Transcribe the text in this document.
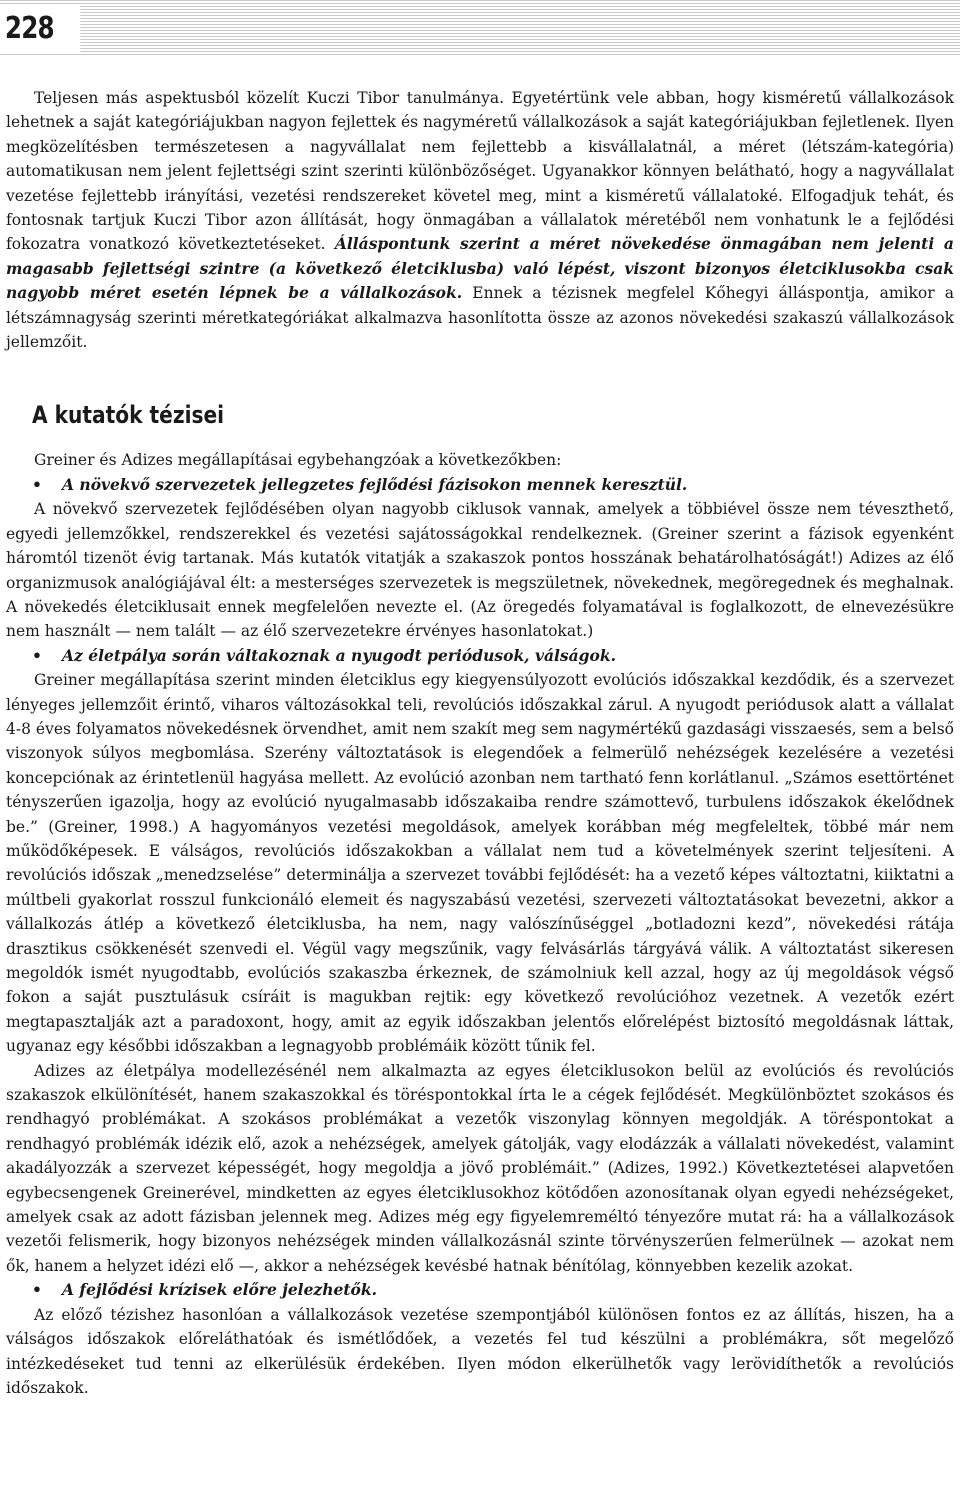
228

Teljesen más aspektusból közelít Kuczi Tibor tanulmánya. Egyetértünk vele abban, hogy kisméretű vállalkozások lehetnek a saját kategóriájukban nagyon fejlettek és nagyméretű vállalkozások a saját kategóriájukban fejletlenek. Ilyen megközelítésben természetesen a nagyvállalat nem fejlettebb a kisvállalatnál, a méret (létszám-kategória) automatikusan nem jelent fejlettségi szint szerinti különbözőséget. Ugyanakkor könnyen belátható, hogy a nagyvállalat vezetése fejlettebb irányítási, vezetési rendszereket követel meg, mint a kisméretű vállalatoké. Elfogadjuk tehát, és fontosnak tartjuk Kuczi Tibor azon állítását, hogy önmagában a vállalatok méretéből nem vonhatunk le a fejlődési fokozatra vonatkozó következtetéseket. Álláspontunk szerint a méret növekedése önmagában nem jelenti a magasabb fejlettségi szintre (a következő életciklusba) való lépést, viszont bizonyos életciklusokba csak nagyobb méret esetén lépnek be a vállalkozások. Ennek a tézisnek megfelel Kőhegyi álláspontja, amikor a létszámnagyság szerinti méretkategóriákat alkalmazva hasonlította össze az azonos növekedési szakaszú vállalkozások jellemzőit.

A kutatók tézisei

Greiner és Adizes megállapításai egybehangzóak a következőkben:

•	A növekvő szervezetek jellegzetes fejlődési fázisokon mennek keresztül.

A növekvő szervezetek fejlődésében olyan nagyobb ciklusok vannak, amelyek a többiével össze nem téveszthető, egyedi jellemzőkkel, rendszerekkel és vezetési sajátosságokkal rendelkeznek. (Greiner szerint a fázisok egyenként háromtól tizenöt évig tartanak. Más kutatók vitatják a szakaszok pontos hosszának behatárolhatóságát!) Adizes az élő organizmusok analógiájával élt: a mesterséges szervezetek is megszületnek, növekednek, megöregednek és meghalnak. A növekedés életciklusait ennek megfelelően nevezte el. (Az öregedés folyamatával is foglalkozott, de elnevezésükre nem használt — nem talált — az élő szervezetekre érvényes hasonlatokat.)

•	Az életpálya során váltakoznak a nyugodt periódusok, válságok.

Greiner megállapítása szerint minden életciklus egy kiegyensúlyozott evolúciós időszakkal kezdődik, és a szervezet lényeges jellemzőit érintő, viharos változásokkal teli, revolúciós időszakkal zárul. A nyugodt periódusok alatt a vállalat 4-8 éves folyamatos növekedésnek örvendhet, amit nem szakít meg sem nagymértékű gazdasági visszaesés, sem a belső viszonyok súlyos megbomlása. Szerény változtatások is elegendőek a felmerülő nehézségek kezelésére a vezetési koncepciónak az érintetlenül hagyása mellett. Az evolúció azonban nem tartható fenn korlátlanul. „Számos esettörténet tényszerűen igazolja, hogy az evolúció nyugalmasabb időszakaiba rendre számottevő, turbulens időszakok ékelődnek be.” (Greiner, 1998.) A hagyományos vezetési megoldások, amelyek korábban még megfeleltek, többé már nem működőképesek. E válságos, revolúciós időszakokban a vállalat nem tud a követelmények szerint teljesíteni. A revolúciós időszak „menedzselése” determinálja a szervezet további fejlődését: ha a vezető képes változtatni, kiiktatni a múltbeli gyakorlat rosszul funkcionáló elemeit és nagyszabású vezetési, szervezeti változtatásokat bevezetni, akkor a vállalkozás átlép a következő életciklusba, ha nem, nagy valószínűséggel „botladozni kezd”, növekedési rátája drasztikus csökkenését szenvedi el. Végül vagy megszűnik, vagy felvásárlás tárgyává válik. A változtatást sikeresen megoldók ismét nyugodtabb, evolúciós szakaszba érkeznek, de számolniuk kell azzal, hogy az új megoldások végső fokon a saját pusztulásuk csíráit is magukban rejtik: egy következő revolúcióhoz vezetnek. A vezetők ezért megtapasztalják azt a paradoxont, hogy, amit az egyik időszakban jelentős előrelépést biztosító megoldásnak láttak, ugyanaz egy későbbi időszakban a legnagyobb problémáik között tűnik fel.

Adizes az életpálya modellezésénél nem alkalmazta az egyes életciklusokon belül az evolúciós és revolúciós szakaszok elkülönítését, hanem szakaszokkal és töréspontokkal írta le a cégek fejlődését. Megkülönböztet szokásos és rendhagyó problémákat. A szokásos problémákat a vezetők viszonylag könnyen megoldják. A töréspontokat a rendhagyó problémák idézik elő, azok a nehézségek, amelyek gátolják, vagy elodázzák a vállalati növekedést, valamint akadályozzák a szervezet képességét, hogy megoldja a jövő problémáit.” (Adizes, 1992.) Következtetései alapvetően egybecsengenek Greinerével, mindketten az egyes életciklusokhoz kötődően azonosítanak olyan egyedi nehézségeket, amelyek csak az adott fázisban jelennek meg. Adizes még egy figyelemreméltó tényezőre mutat rá: ha a vállalkozások vezetői felismerik, hogy bizonyos nehézségek minden vállalkozásnál szinte törvényszerűen felmerülnek — azokat nem ők, hanem a helyzet idézi elő —, akkor a nehézségek kevésbé hatnak bénítólag, könnyebben kezelik azokat.

•	A fejlődési krízisek előre jelezhetők.

Az előző tézishez hasonlóan a vállalkozások vezetése szempontjából különösen fontos ez az állítás, hiszen, ha a válságos időszakok előreláthatóak és ismétlődőek, a vezetés fel tud készülni a problémákra, sőt megelőző intézkedéseket tud tenni az elkerülésük érdekében. Ilyen módon elkerülhetők vagy lerövidíthetők a revolúciós időszakok.
